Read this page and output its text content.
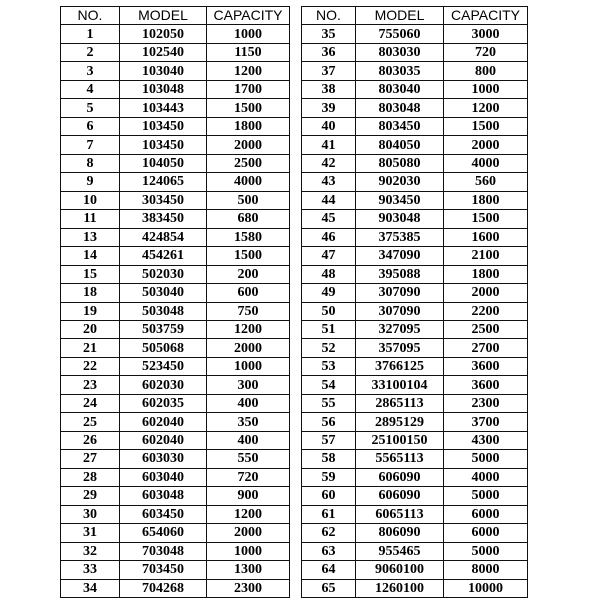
NO.	MODEL	CAPACITY
1	102050	1000
2	102540	1150
3	103040	1200
4	103048	1700
5	103443	1500
6	103450	1800
7	103450	2000
8	104050	2500
9	124065	4000
10	303450	500
11	383450	680
13	424854	1580
14	454261	1500
15	502030	200
18	503040	600
19	503048	750
20	503759	1200
21	505068	2000
22	523450	1000
23	602030	300
24	602035	400
25	602040	350
26	602040	400
27	603030	550
28	603040	720
29	603048	900
30	603450	1200
31	654060	2000
32	703048	1000
33	703450	1300
34	704268	2300
NO.	MODEL	CAPACITY
35	755060	3000
36	803030	720
37	803035	800
38	803040	1000
39	803048	1200
40	803450	1500
41	804050	2000
42	805080	4000
43	902030	560
44	903450	1800
45	903048	1500
46	375385	1600
47	347090	2100
48	395088	1800
49	307090	2000
50	307090	2200
51	327095	2500
52	357095	2700
53	3766125	3600
54	33100104	3600
55	2865113	2300
56	2895129	3700
57	25100150	4300
58	5565113	5000
59	606090	4000
60	606090	5000
61	6065113	6000
62	806090	6000
63	955465	5000
64	9060100	8000
65	1260100	10000
